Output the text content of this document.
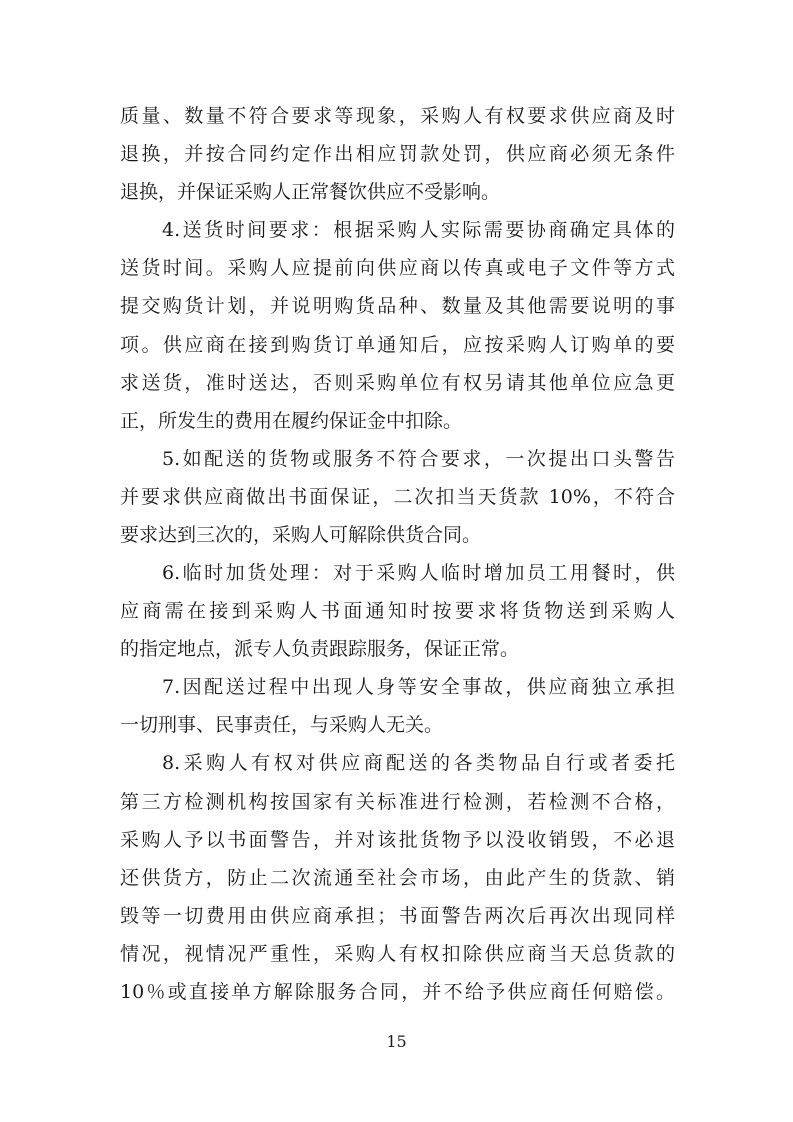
质量、数量不符合要求等现象，采购人有权要求供应商及时
退换，并按合同约定作出相应罚款处罚，供应商必须无条件
退换，并保证采购人正常餐饮供应不受影响。
4.送货时间要求：根据采购人实际需要协商确定具体的
送货时间。采购人应提前向供应商以传真或电子文件等方式
提交购货计划，并说明购货品种、数量及其他需要说明的事
项。供应商在接到购货订单通知后，应按采购人订购单的要
求送货，准时送达，否则采购单位有权另请其他单位应急更
正，所发生的费用在履约保证金中扣除。
5.如配送的货物或服务不符合要求，一次提出口头警告
并要求供应商做出书面保证，二次扣当天货款 10%，不符合
要求达到三次的，采购人可解除供货合同。
6.临时加货处理：对于采购人临时增加员工用餐时，供
应商需在接到采购人书面通知时按要求将货物送到采购人
的指定地点，派专人负责跟踪服务，保证正常。
7.因配送过程中出现人身等安全事故，供应商独立承担
一切刑事、民事责任，与采购人无关。
8.采购人有权对供应商配送的各类物品自行或者委托
第三方检测机构按国家有关标准进行检测，若检测不合格，
采购人予以书面警告，并对该批货物予以没收销毁，不必退
还供货方，防止二次流通至社会市场，由此产生的货款、销
毁等一切费用由供应商承担；书面警告两次后再次出现同样
情况，视情况严重性，采购人有权扣除供应商当天总货款的
10％或直接单方解除服务合同，并不给予供应商任何赔偿。
15
